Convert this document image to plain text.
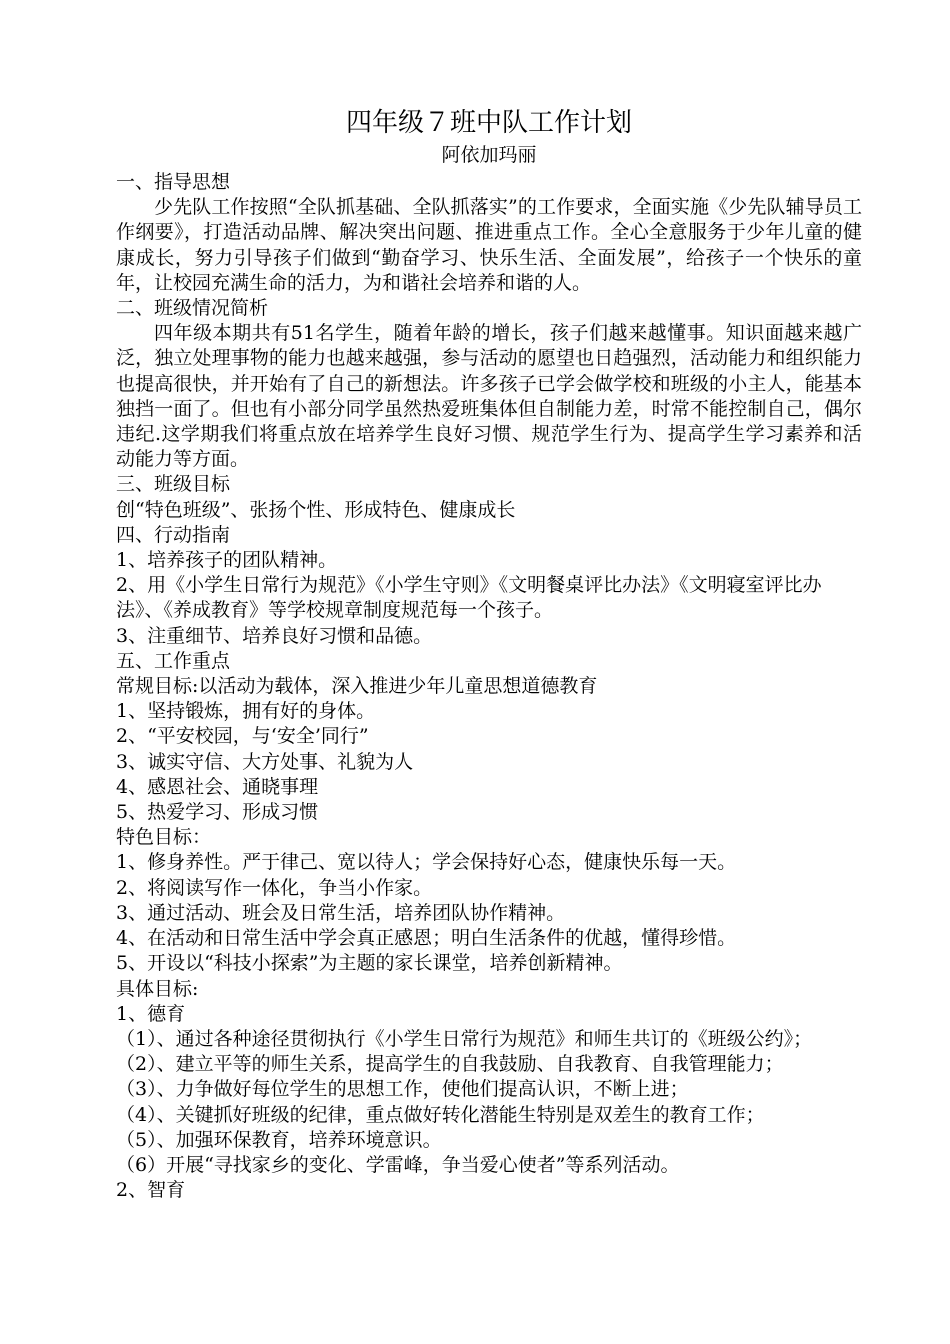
四年级７班中队工作计划
阿依加玛丽

一、指导思想

少先队工作按照“全队抓基础、全队抓落实”的工作要求，全面实施《少先队辅导员工作纲要》，打造活动品牌、解决突出问题、推进重点工作。全心全意服务于少年儿童的健康成长，努力引导孩子们做到“勤奋学习、快乐生活、全面发展”，给孩子一个快乐的童年，让校园充满生命的活力，为和谐社会培养和谐的人。

二、班级情况简析

四年级本期共有51名学生，随着年龄的增长，孩子们越来越懂事。知识面越来越广泛，独立处理事物的能力也越来越强，参与活动的愿望也日趋强烈，活动能力和组织能力也提高很快，并开始有了自己的新想法。许多孩子已学会做学校和班级的小主人，能基本独挡一面了。但也有小部分同学虽然热爱班集体但自制能力差，时常不能控制自己，偶尔违纪.这学期我们将重点放在培养学生良好习惯、规范学生行为、提高学生学习素养和活动能力等方面。

三、班级目标

创“特色班级”、张扬个性、形成特色、健康成长

四、行动指南

1、培养孩子的团队精神。

2、用《小学生日常行为规范》《小学生守则》《文明餐桌评比办法》《文明寝室评比办法》、《养成教育》等学校规章制度规范每一个孩子。

3、注重细节、培养良好习惯和品德。

五、工作重点

常规目标:以活动为载体，深入推进少年儿童思想道德教育

1、坚持锻炼，拥有好的身体。

2、“平安校园，与‘安全’同行”

3、诚实守信、大方处事、礼貌为人

4、感恩社会、通晓事理

5、热爱学习、形成习惯

特色目标：

1、修身养性。严于律己、宽以待人；学会保持好心态，健康快乐每一天。

2、将阅读写作一体化，争当小作家。

3、通过活动、班会及日常生活，培养团队协作精神。

4、在活动和日常生活中学会真正感恩；明白生活条件的优越，懂得珍惜。

5、开设以“科技小探索”为主题的家长课堂，培养创新精神。

具体目标:

1、德育

（1）、通过各种途径贯彻执行《小学生日常行为规范》和师生共订的《班级公约》；

（2）、建立平等的师生关系，提高学生的自我鼓励、自我教育、自我管理能力；

（3）、力争做好每位学生的思想工作，使他们提高认识，不断上进；

（4）、关键抓好班级的纪律，重点做好转化潜能生特别是双差生的教育工作；

（5）、加强环保教育，培养环境意识。

（6）开展“寻找家乡的变化、学雷峰，争当爱心使者”等系列活动。

2、智育
